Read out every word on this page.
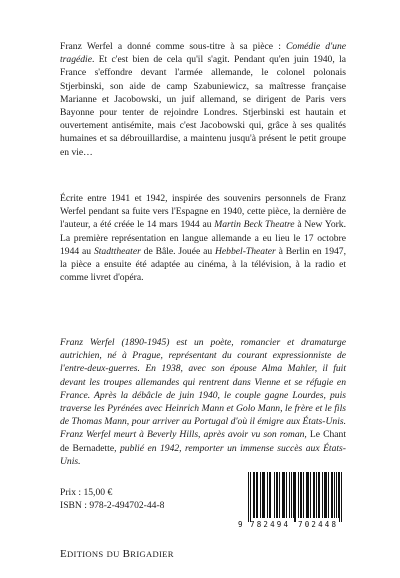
Franz Werfel a donné comme sous-titre à sa pièce : Comédie d'une tragédie. Et c'est bien de cela qu'il s'agit. Pendant qu'en juin 1940, la France s'effondre devant l'armée allemande, le colonel polonais Stjerbinski, son aide de camp Szabuniewicz, sa maîtresse française Marianne et Jacobowski, un juif allemand, se dirigent de Paris vers Bayonne pour tenter de rejoindre Londres. Stjerbinski est hautain et ouvertement antisémite, mais c'est Jacobowski qui, grâce à ses qualités humaines et sa débrouillardise, a maintenu jusqu'à présent le petit groupe en vie…

Écrite entre 1941 et 1942, inspirée des souvenirs personnels de Franz Werfel pendant sa fuite vers l'Espagne en 1940, cette pièce, la dernière de l'auteur, a été créée le 14 mars 1944 au Martin Beck Theatre à New York. La première représentation en langue allemande a eu lieu le 17 octobre 1944 au Stadttheater de Bâle. Jouée au Hebbel-Theater à Berlin en 1947, la pièce a ensuite été adaptée au cinéma, à la télévision, à la radio et comme livret d'opéra.

Franz Werfel (1890-1945) est un poète, romancier et dramaturge autrichien, né à Prague, représentant du courant expressionniste de l'entre-deux-guerres. En 1938, avec son épouse Alma Mahler, il fuit devant les troupes allemandes qui rentrent dans Vienne et se réfugie en France. Après la débâcle de juin 1940, le couple gagne Lourdes, puis traverse les Pyrénées avec Heinrich Mann et Golo Mann, le frère et le fils de Thomas Mann, pour arriver au Portugal d'où il émigre aux États-Unis. Franz Werfel meurt à Beverly Hills, après avoir vu son roman, Le Chant de Bernadette, publié en 1942, remporter un immense succès aux États-Unis.

Prix : 15,00 €
ISBN : 978-2-494702-44-8
9 782494 702448
EDITIONS DU BRIGADIER
